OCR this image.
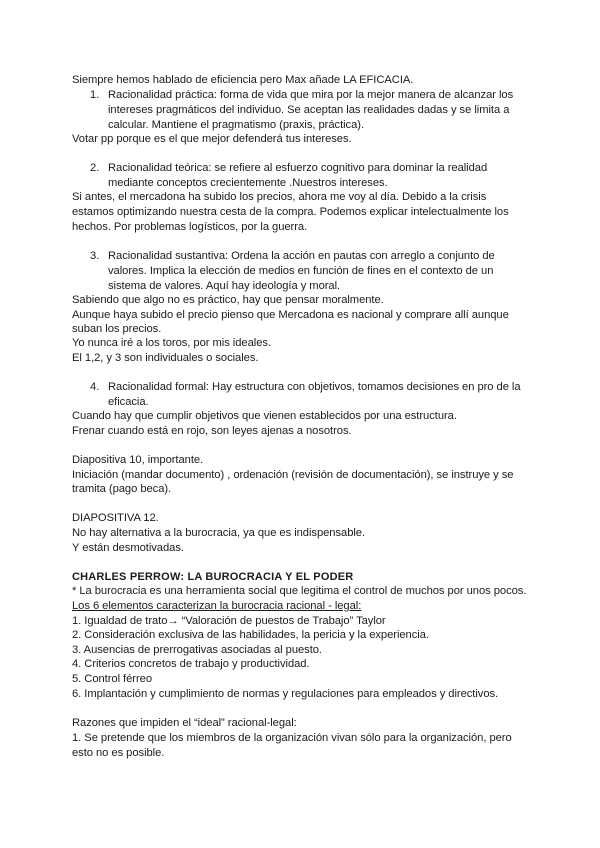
Siempre hemos hablado de eficiencia pero Max añade LA EFICACIA.
1. Racionalidad práctica: forma de vida que mira por la mejor manera de alcanzar los
intereses pragmáticos del individuo. Se aceptan las realidades dadas y se limita a
calcular. Mantiene el pragmatismo (praxis, práctica).
Votar pp porque es el que mejor defenderá tus intereses.
2. Racionalidad teórica: se refiere al esfuerzo cognitivo para dominar la realidad
mediante conceptos crecientemente .Nuestros intereses.
Si antes, el mercadona ha subido los precios, ahora me voy al día. Debido a la crisis
estamos optimizando nuestra cesta de la compra. Podemos explicar intelectualmente los
hechos. Por problemas logísticos, por la guerra.
3. Racionalidad sustantiva: Ordena la acción en pautas con arreglo a conjunto de
valores. Implica la elección de medios en función de fines en el contexto de un
sistema de valores. Aquí hay ideología y moral.
Sabiendo que algo no es práctico, hay que pensar moralmente.
Aunque haya subido el precio pienso que Mercadona es nacional y comprare allí aunque
suban los precios.
Yo nunca iré a los toros, por mis ideales.
El 1,2, y 3 son individuales o sociales.
4. Racionalidad formal: Hay estructura con objetivos, tomamos decisiones en pro de la
eficacia.
Cuando hay que cumplir objetivos que vienen establecidos por una estructura.
Frenar cuando está en rojo, son leyes ajenas a nosotros.
Diapositiva 10, importante.
Iniciación (mandar documento) , ordenación (revisión de documentación), se instruye y se
tramita (pago beca).
DIAPOSITIVA 12.
No hay alternativa a la burocracia, ya que es indispensable.
Y están desmotivadas.
CHARLES PERROW: LA BUROCRACIA Y EL PODER
* La burocracia es una herramienta social que legitima el control de muchos por unos pocos.
Los 6 elementos caracterizan la burocracia racional - legal:
1. Igualdad de trato→ “Valoración de puestos de Trabajo” Taylor
2. Consideración exclusiva de las habilidades, la pericia y la experiencia.
3. Ausencias de prerrogativas asociadas al puesto.
4. Criterios concretos de trabajo y productividad.
5. Control férreo
6. Implantación y cumplimiento de normas y regulaciones para empleados y directivos.
Razones que impiden el “ideal” racional-legal:
1. Se pretende que los miembros de la organización vivan sólo para la organización, pero
esto no es posible.
